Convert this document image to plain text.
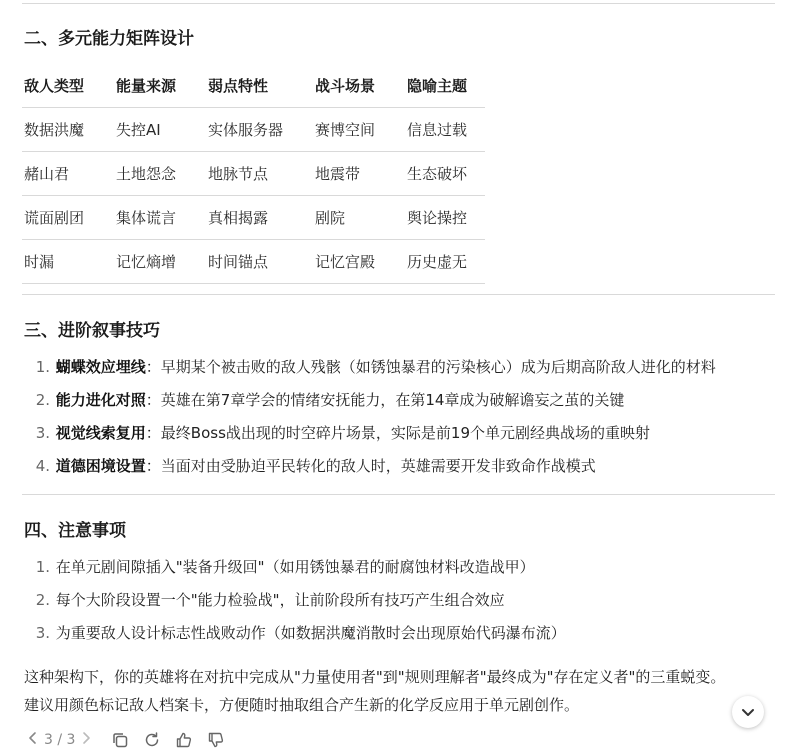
二、多元能力矩阵设计
敌人类型	能量来源	弱点特性	战斗场景	隐喻主题
数据洪魔	失控AI	实体服务器	赛博空间	信息过载
赭山君	土地怨念	地脉节点	地震带	生态破坏
谎面剧团	集体谎言	真相揭露	剧院	舆论操控
时漏	记忆熵增	时间锚点	记忆宫殿	历史虚无
三、进阶叙事技巧
1. 蝴蝶效应埋线：早期某个被击败的敌人残骸（如锈蚀暴君的污染核心）成为后期高阶敌人进化的材料
2. 能力进化对照：英雄在第7章学会的情绪安抚能力，在第14章成为破解谵妄之茧的关键
3. 视觉线索复用：最终Boss战出现的时空碎片场景，实际是前19个单元剧经典战场的重映射
4. 道德困境设置：当面对由受胁迫平民转化的敌人时，英雄需要开发非致命作战模式
四、注意事项
1. 在单元剧间隙插入"装备升级回"（如用锈蚀暴君的耐腐蚀材料改造战甲）
2. 每个大阶段设置一个"能力检验战"，让前阶段所有技巧产生组合效应
3. 为重要敌人设计标志性战败动作（如数据洪魔消散时会出现原始代码瀑布流）
这种架构下，你的英雄将在对抗中完成从"力量使用者"到"规则理解者"最终成为"存在定义者"的三重蜕变。
建议用颜色标记敌人档案卡，方便随时抽取组合产生新的化学反应用于单元剧创作。
3 / 3
